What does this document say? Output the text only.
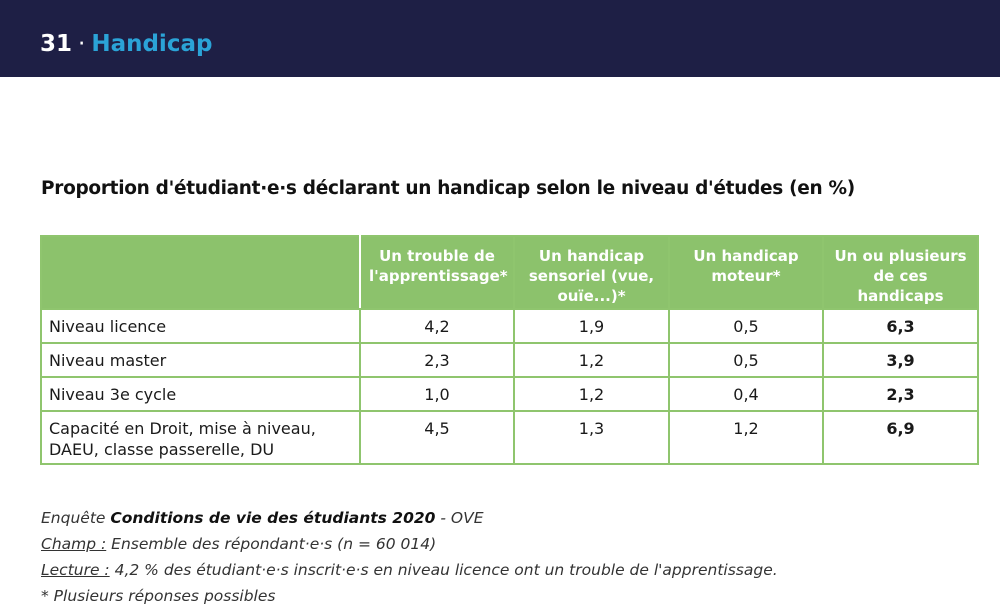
31 · Handicap
Proportion d'étudiant·e·s déclarant un handicap selon le niveau d'études (en %)
	Un trouble de l'apprentissage*	Un handicap sensoriel (vue, ouïe...)*	Un handicap moteur*	Un ou plusieurs de ces handicaps
Niveau licence	4,2	1,9	0,5	6,3
Niveau master	2,3	1,2	0,5	3,9
Niveau 3e cycle	1,0	1,2	0,4	2,3
Capacité en Droit, mise à niveau,
DAEU, classe passerelle, DU	4,5	1,3	1,2	6,9
Enquête Conditions de vie des étudiants 2020 - OVE
Champ : Ensemble des répondant·e·s (n = 60 014)
Lecture : 4,2 % des étudiant·e·s inscrit·e·s en niveau licence ont un trouble de l'apprentissage.
* Plusieurs réponses possibles
